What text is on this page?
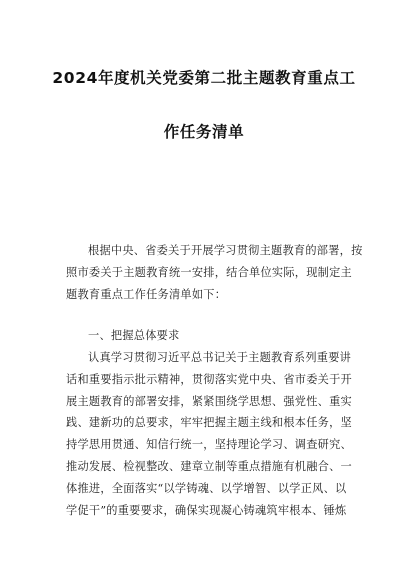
2024年度机关党委第二批主题教育重点工
作任务清单
根据中央、省委关于开展学习贯彻主题教育的部署，按
照市委关于主题教育统一安排，结合单位实际，现制定主
题教育重点工作任务清单如下：
一、把握总体要求
认真学习贯彻习近平总书记关于主题教育系列重要讲
话和重要指示批示精神，贯彻落实党中央、省市委关于开
展主题教育的部署安排，紧紧围绕学思想、强党性、重实
践、建新功的总要求，牢牢把握主题主线和根本任务，坚
持学思用贯通、知信行统一，坚持理论学习、调查研究、
推动发展、检视整改、建章立制等重点措施有机融合、一
体推进，全面落实“以学铸魂、以学增智、以学正风、以
学促干”的重要要求，确保实现凝心铸魂筑牢根本、锤炼
